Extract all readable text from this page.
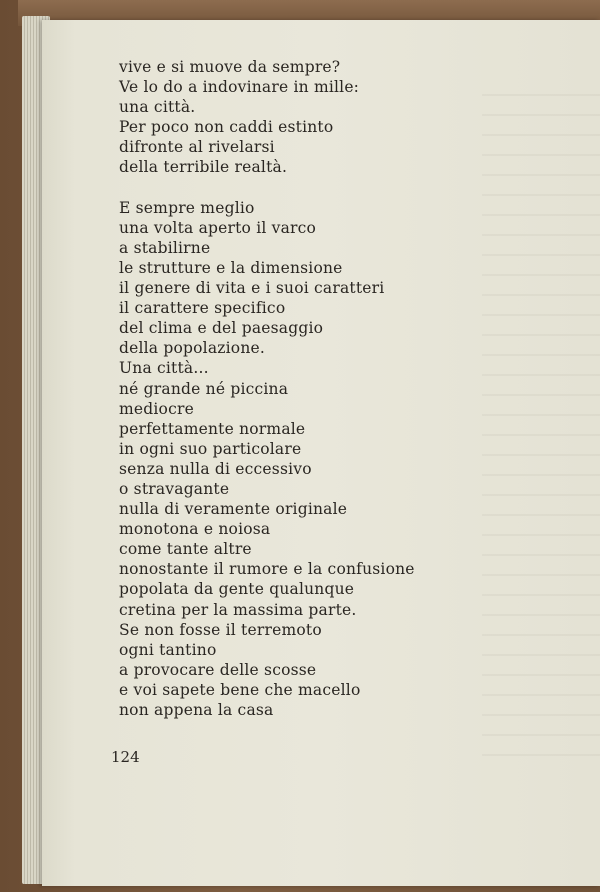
vive e si muove da sempre?
Ve lo do a indovinare in mille:
una città.
Per poco non caddi estinto
difronte al rivelarsi
della terribile realtà.
E sempre meglio
una volta aperto il varco
a stabilirne
le strutture e la dimensione
il genere di vita e i suoi caratteri
il carattere specifico
del clima e del paesaggio
della popolazione.
Una città...
né grande né piccina
mediocre
perfettamente normale
in ogni suo particolare
senza nulla di eccessivo
o stravagante
nulla di veramente originale
monotona e noiosa
come tante altre
nonostante il rumore e la confusione
popolata da gente qualunque
cretina per la massima parte.
Se non fosse il terremoto
ogni tantino
a provocare delle scosse
e voi sapete bene che macello
non appena la casa
124
